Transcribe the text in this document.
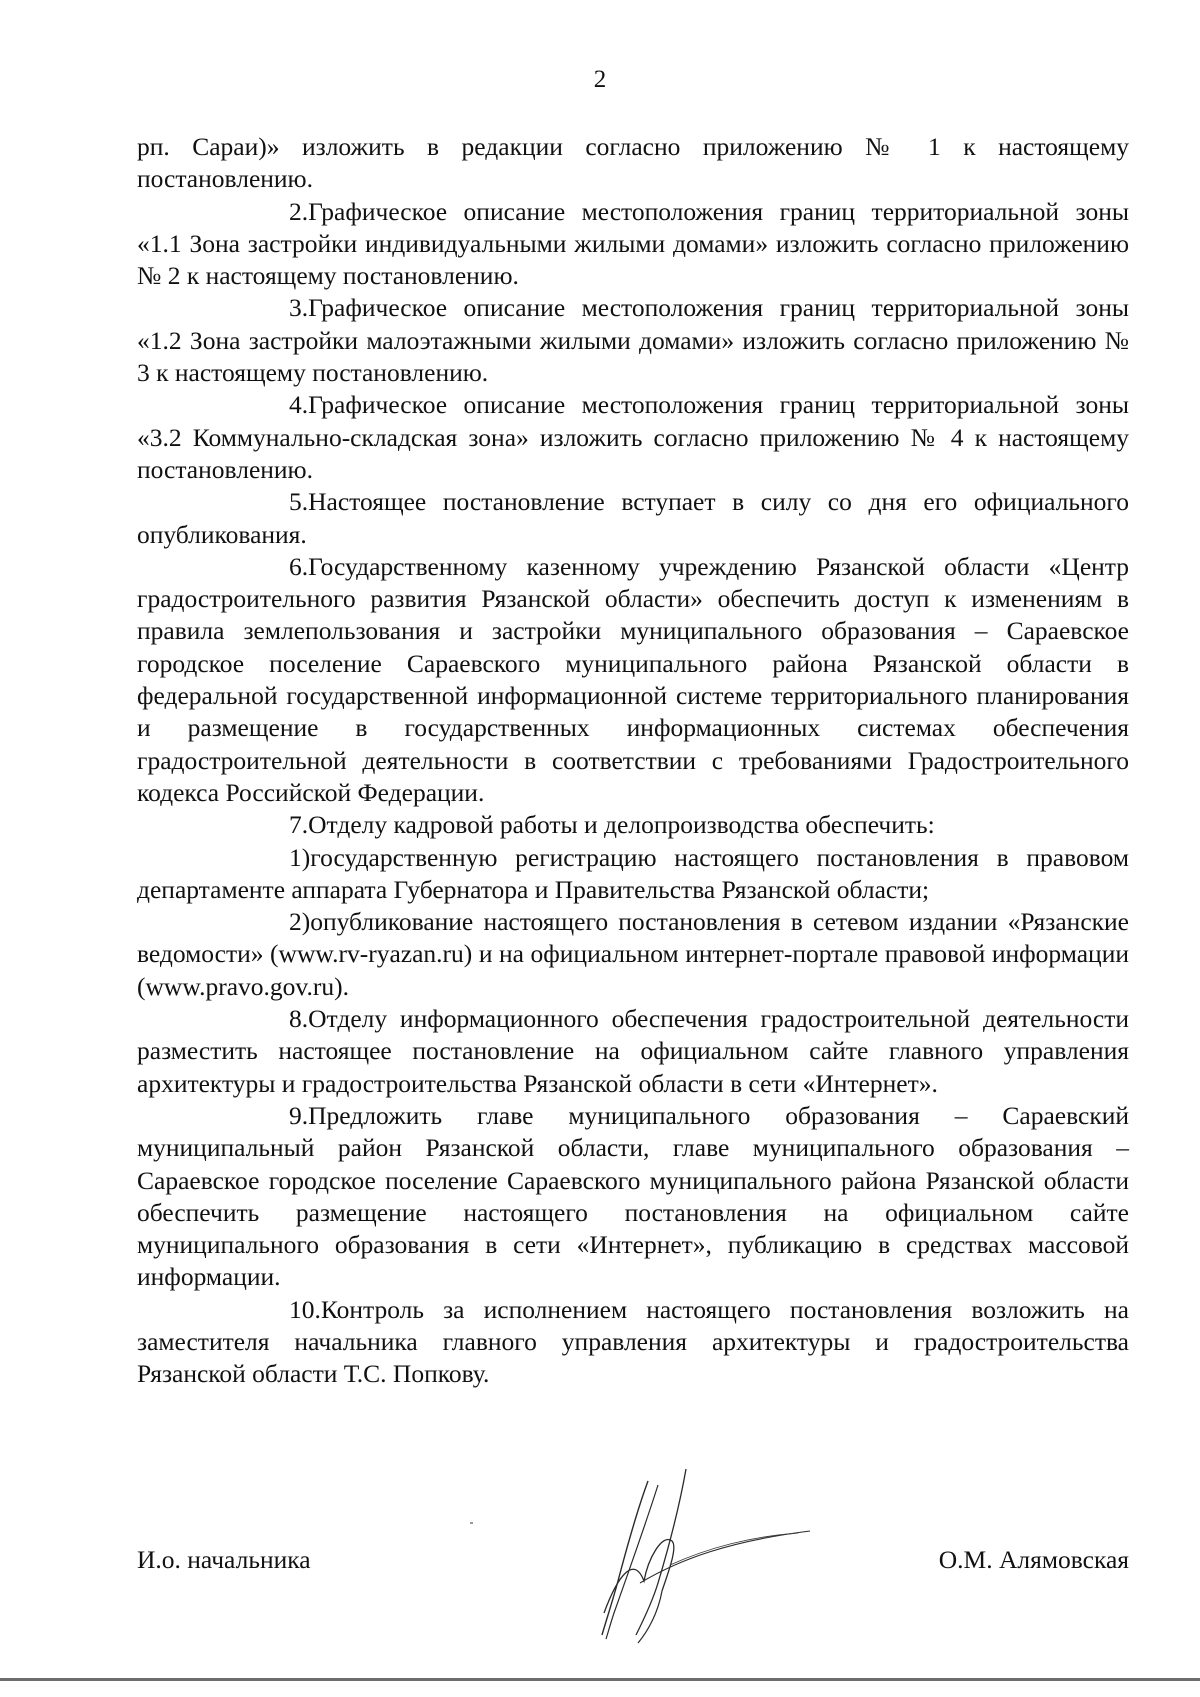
2

рп. Сараи)» изложить в редакции согласно приложению № 1 к настоящему постановлению.

2.Графическое описание местоположения границ территориальной зоны «1.1 Зона застройки индивидуальными жилыми домами» изложить согласно приложению № 2 к настоящему постановлению.

3.Графическое описание местоположения границ территориальной зоны «1.2 Зона застройки малоэтажными жилыми домами» изложить согласно приложению № 3 к настоящему постановлению.

4.Графическое описание местоположения границ территориальной зоны «3.2 Коммунально-складская зона» изложить согласно приложению № 4 к настоящему постановлению.

5.Настоящее постановление вступает в силу со дня его официального опубликования.

6.Государственному казенному учреждению Рязанской области «Центр градостроительного развития Рязанской области» обеспечить доступ к изменениям в правила землепользования и застройки муниципального образования – Сараевское городское поселение Сараевского муниципального района Рязанской области в федеральной государственной информационной системе территориального планирования и размещение в государственных информационных системах обеспечения градостроительной деятельности в соответствии с требованиями Градостроительного кодекса Российской Федерации.

7.Отделу кадровой работы и делопроизводства обеспечить:

1)государственную регистрацию настоящего постановления в правовом департаменте аппарата Губернатора и Правительства Рязанской области;

2)опубликование настоящего постановления в сетевом издании «Рязанские ведомости» (www.rv-ryazan.ru) и на официальном интернет-портале правовой информации (www.pravo.gov.ru).

8.Отделу информационного обеспечения градостроительной деятельности разместить настоящее постановление на официальном сайте главного управления архитектуры и градостроительства Рязанской области в сети «Интернет».

9.Предложить главе муниципального образования – Сараевский муниципальный район Рязанской области, главе муниципального образования – Сараевское городское поселение Сараевского муниципального района Рязанской области обеспечить размещение настоящего постановления на официальном сайте муниципального образования в сети «Интернет», публикацию в средствах массовой информации.

10.Контроль за исполнением настоящего постановления возложить на заместителя начальника главного управления архитектуры и градостроительства Рязанской области Т.С. Попкову.

И.о. начальника	О.М. Алямовская
